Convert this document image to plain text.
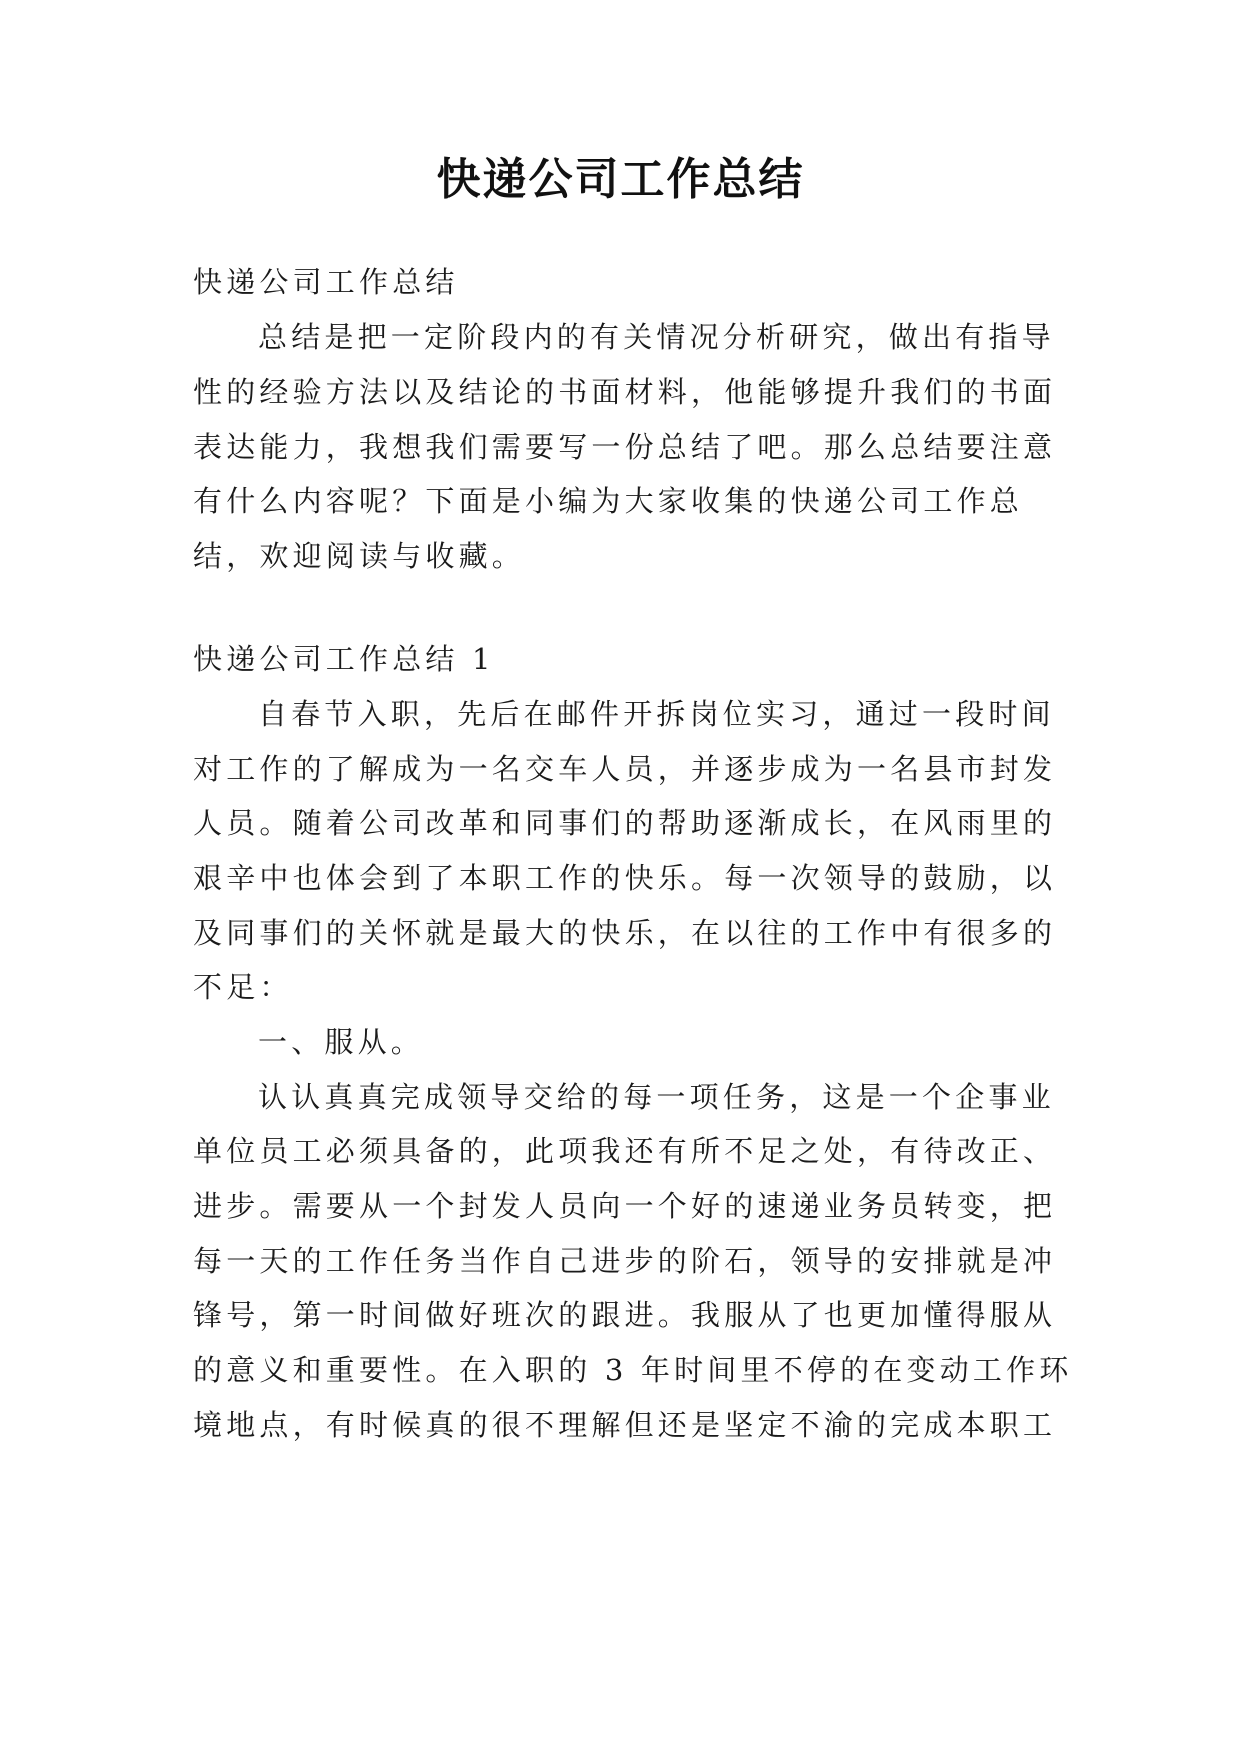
快递公司工作总结
快递公司工作总结
总结是把一定阶段内的有关情况分析研究，做出有指导
性的经验方法以及结论的书面材料，他能够提升我们的书面
表达能力，我想我们需要写一份总结了吧。那么总结要注意
有什么内容呢？下面是小编为大家收集的快递公司工作总
结，欢迎阅读与收藏。
快递公司工作总结 1
自春节入职，先后在邮件开拆岗位实习，通过一段时间
对工作的了解成为一名交车人员，并逐步成为一名县市封发
人员。随着公司改革和同事们的帮助逐渐成长，在风雨里的
艰辛中也体会到了本职工作的快乐。每一次领导的鼓励，以
及同事们的关怀就是最大的快乐，在以往的工作中有很多的
不足：
一、服从。
认认真真完成领导交给的每一项任务，这是一个企事业
单位员工必须具备的，此项我还有所不足之处，有待改正、
进步。需要从一个封发人员向一个好的速递业务员转变，把
每一天的工作任务当作自己进步的阶石，领导的安排就是冲
锋号，第一时间做好班次的跟进。我服从了也更加懂得服从
的意义和重要性。在入职的 3 年时间里不停的在变动工作环
境地点，有时候真的很不理解但还是坚定不渝的完成本职工
